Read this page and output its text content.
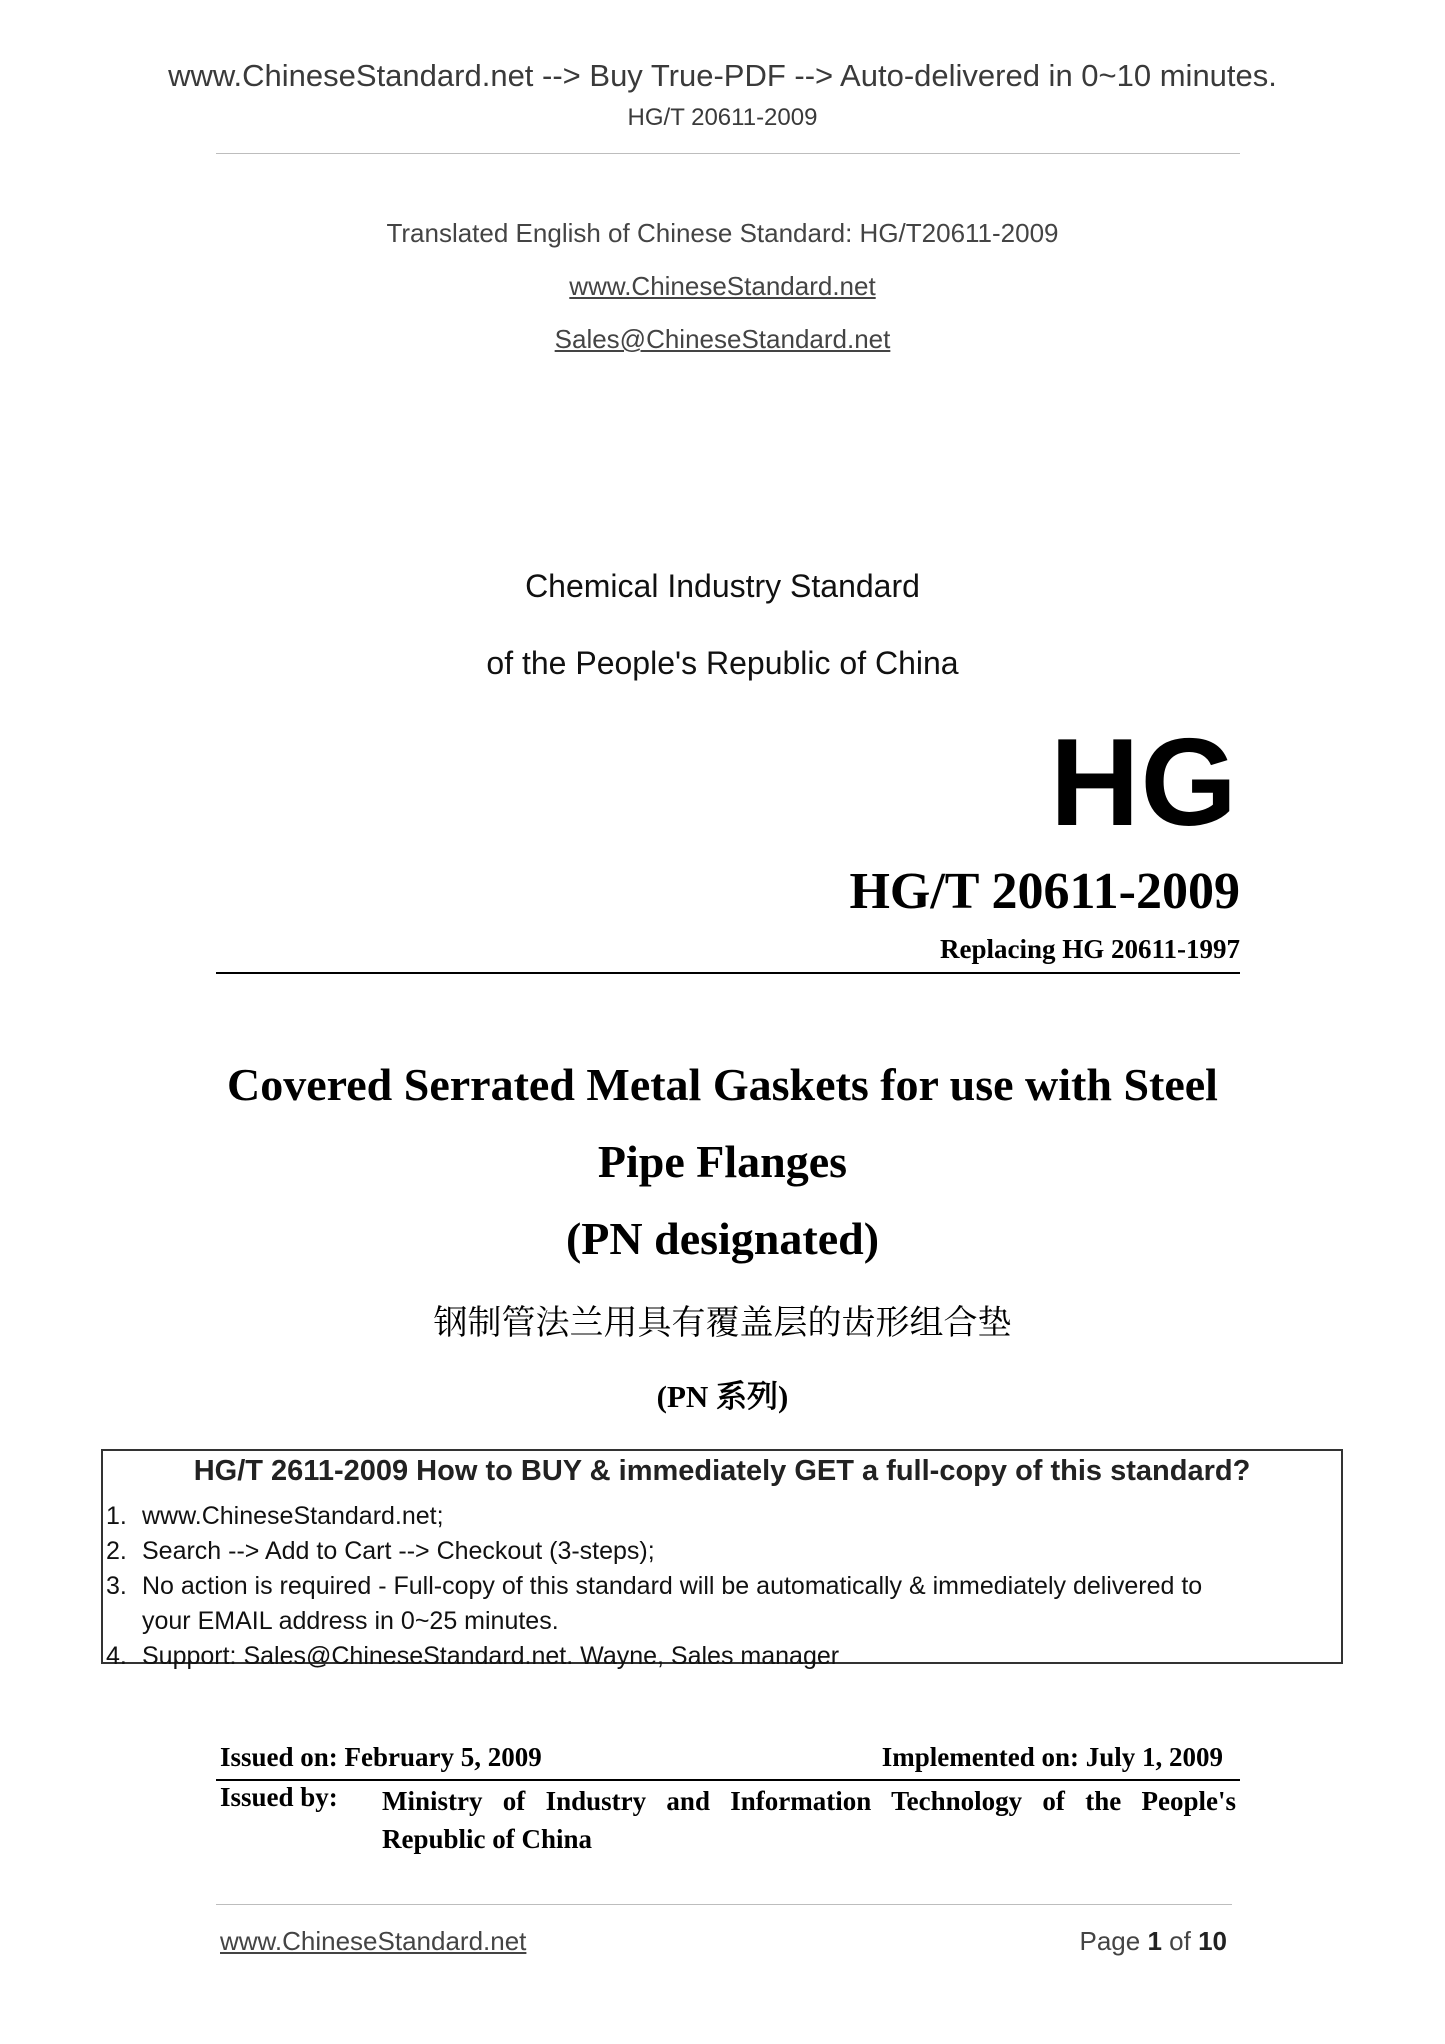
www.ChineseStandard.net --> Buy True-PDF --> Auto-delivered in 0~10 minutes.
HG/T 20611-2009
Translated English of Chinese Standard: HG/T20611-2009
www.ChineseStandard.net
Sales@ChineseStandard.net
Chemical Industry Standard
of the People's Republic of China
HG
HG/T 20611-2009
Replacing HG 20611-1997
Covered Serrated Metal Gaskets for use with Steel
Pipe Flanges
(PN designated)
钢制管法兰用具有覆盖层的齿形组合垫
(PN 系列)
HG/T 2611-2009 How to BUY & immediately GET a full-copy of this standard?
1. www.ChineseStandard.net;
2. Search --> Add to Cart --> Checkout (3-steps);
3. No action is required - Full-copy of this standard will be automatically & immediately delivered to
your EMAIL address in 0~25 minutes.
4. Support: Sales@ChineseStandard.net. Wayne, Sales manager
Issued on: February 5, 2009	Implemented on: July 1, 2009
Issued by: Ministry of Industry and Information Technology of the People's Republic of China
www.ChineseStandard.net	Page 1 of 10
